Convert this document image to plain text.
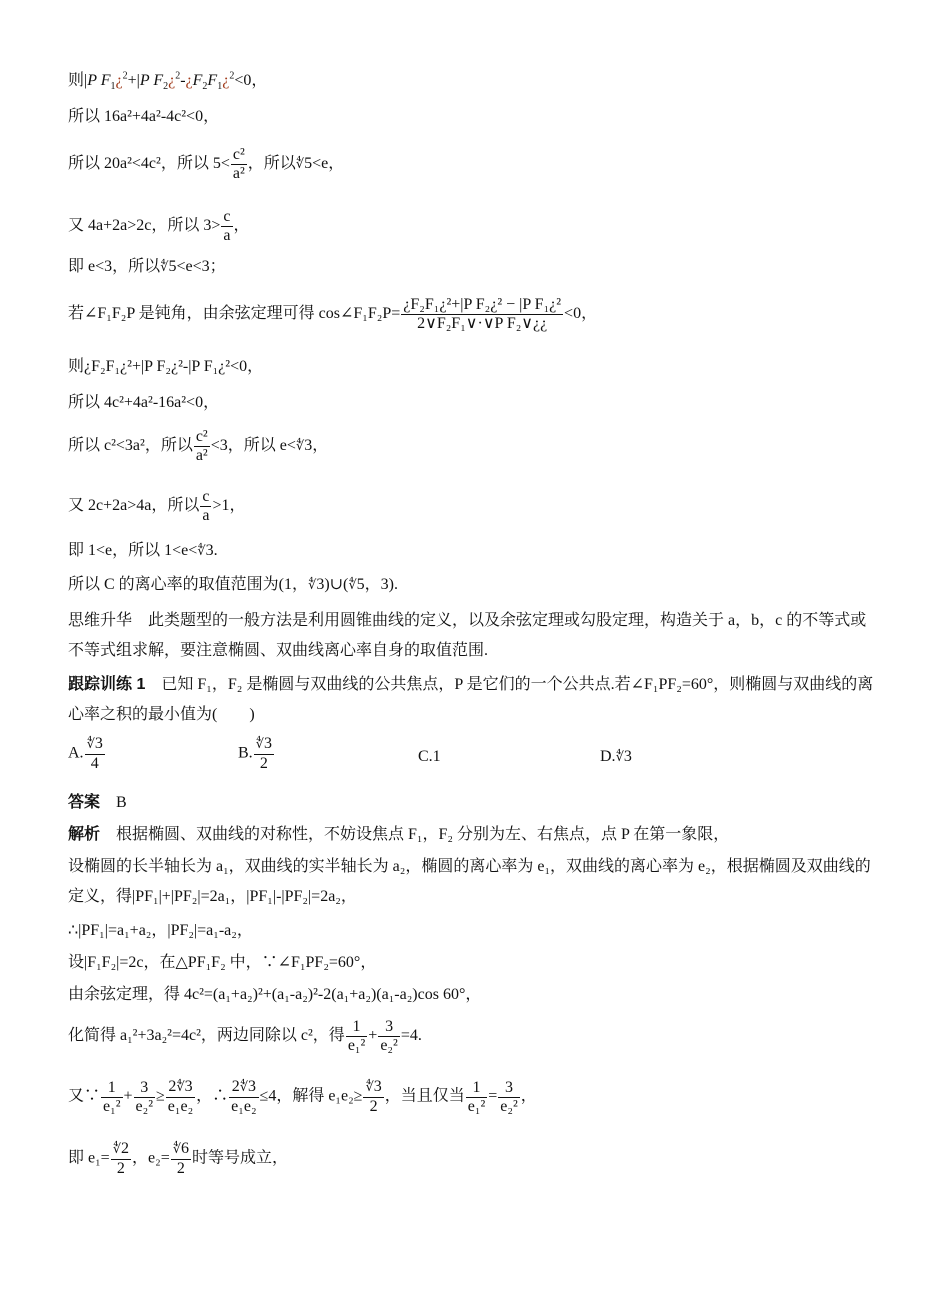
则|P $F_1¿^2+|P$ $F_2¿^2-¿F_2F_1¿^2<0$，
所以 16a²+4a²-4c²<0，
所以 20a²<4c²，所以 $5< \frac{\text{c²}}{\text{a²}}$ ，所以∜5<e，
又 4a+2a>2c，所以 $3> \frac{c}{a}$ ，
即 e<3，所以∜5<e<3；
若∠F₁F₂P 是钝角，由余弦定理可得 cos∠F₁F₂P= $\frac{\text{¿F₂F₁¿²+|P F₂¿² − |P F₁¿²}}{\text{2∨F₂F₁∨·∨P F₂∨¿¿}} <0$，
则¿F₂F₁¿²+|P F₂¿²-|P F₁¿²<0，
所以 4c²+4a²-16a²<0，
所以 c²<3a²，所以 $\frac{\text{c²}}{\text{a²}} <3$，所以 e<∜3，
又 2c+2a>4a，所以 $\frac{c}{a} >1$，
即 1<e，所以 1<e<∜3.
所以 C 的离心率的取值范围为(1，∜3)∪(∜5，3).
思维升华　此类题型的一般方法是利用圆锥曲线的定义，以及余弦定理或勾股定理，构造关于 a，b，c 的不等式或不等式组求解，要注意椭圆、双曲线离心率自身的取值范围.
跟踪训练 1　已知 F₁，F₂ 是椭圆与双曲线的公共焦点，P 是它们的一个公共点.若∠F₁PF₂=60°，则椭圆与双曲线的离心率之积的最小值为(　　)
A. $\frac{∜3}{4}$	B. $\frac{∜3}{2}$	C.1	D.∜3
答案　 B
解析　根据椭圆、双曲线的对称性，不妨设焦点 F₁，F₂ 分别为左、右焦点，点 P 在第一象限，
设椭圆的长半轴长为 a₁，双曲线的实半轴长为 a₂，椭圆的离心率为 e₁，双曲线的离心率为 e₂，根据椭圆及双曲线的定义，得|PF₁|+|PF₂|=2a₁，|PF₁|-|PF₂|=2a₂，
∴|PF₁|=a₁+a₂，|PF₂|=a₁-a₂，
设|F₁F₂|=2c，在△PF₁F₂ 中，∵∠F₁PF₂=60°，
由余弦定理，得 4c²=(a₁+a₂)²+(a₁-a₂)²-2(a₁+a₂)(a₁-a₂)cos 60°，
化简得 a₁²+3a₂²=4c²，两边同除以 c²，得 $\frac{1}{\text{e₁²}} + \frac{3}{\text{e₂²}} =4$.
又∵ $\frac{1}{\text{e₁²}} + \frac{3}{\text{e₂²}} \ge \frac{2∜3}{\text{e₁e₂}}$ ，∴ $\frac{2∜3}{\text{e₁e₂}} \le 4$，解得 $e_1e_2\ge \frac{∜3}{2}$ ，当且仅当 $\frac{1}{\text{e₁²}} = \frac{3}{\text{e₂²}}$ ，
即 $e_1= \frac{∜2}{2}$ ，$e_2= \frac{∜6}{2}$ 时等号成立，
